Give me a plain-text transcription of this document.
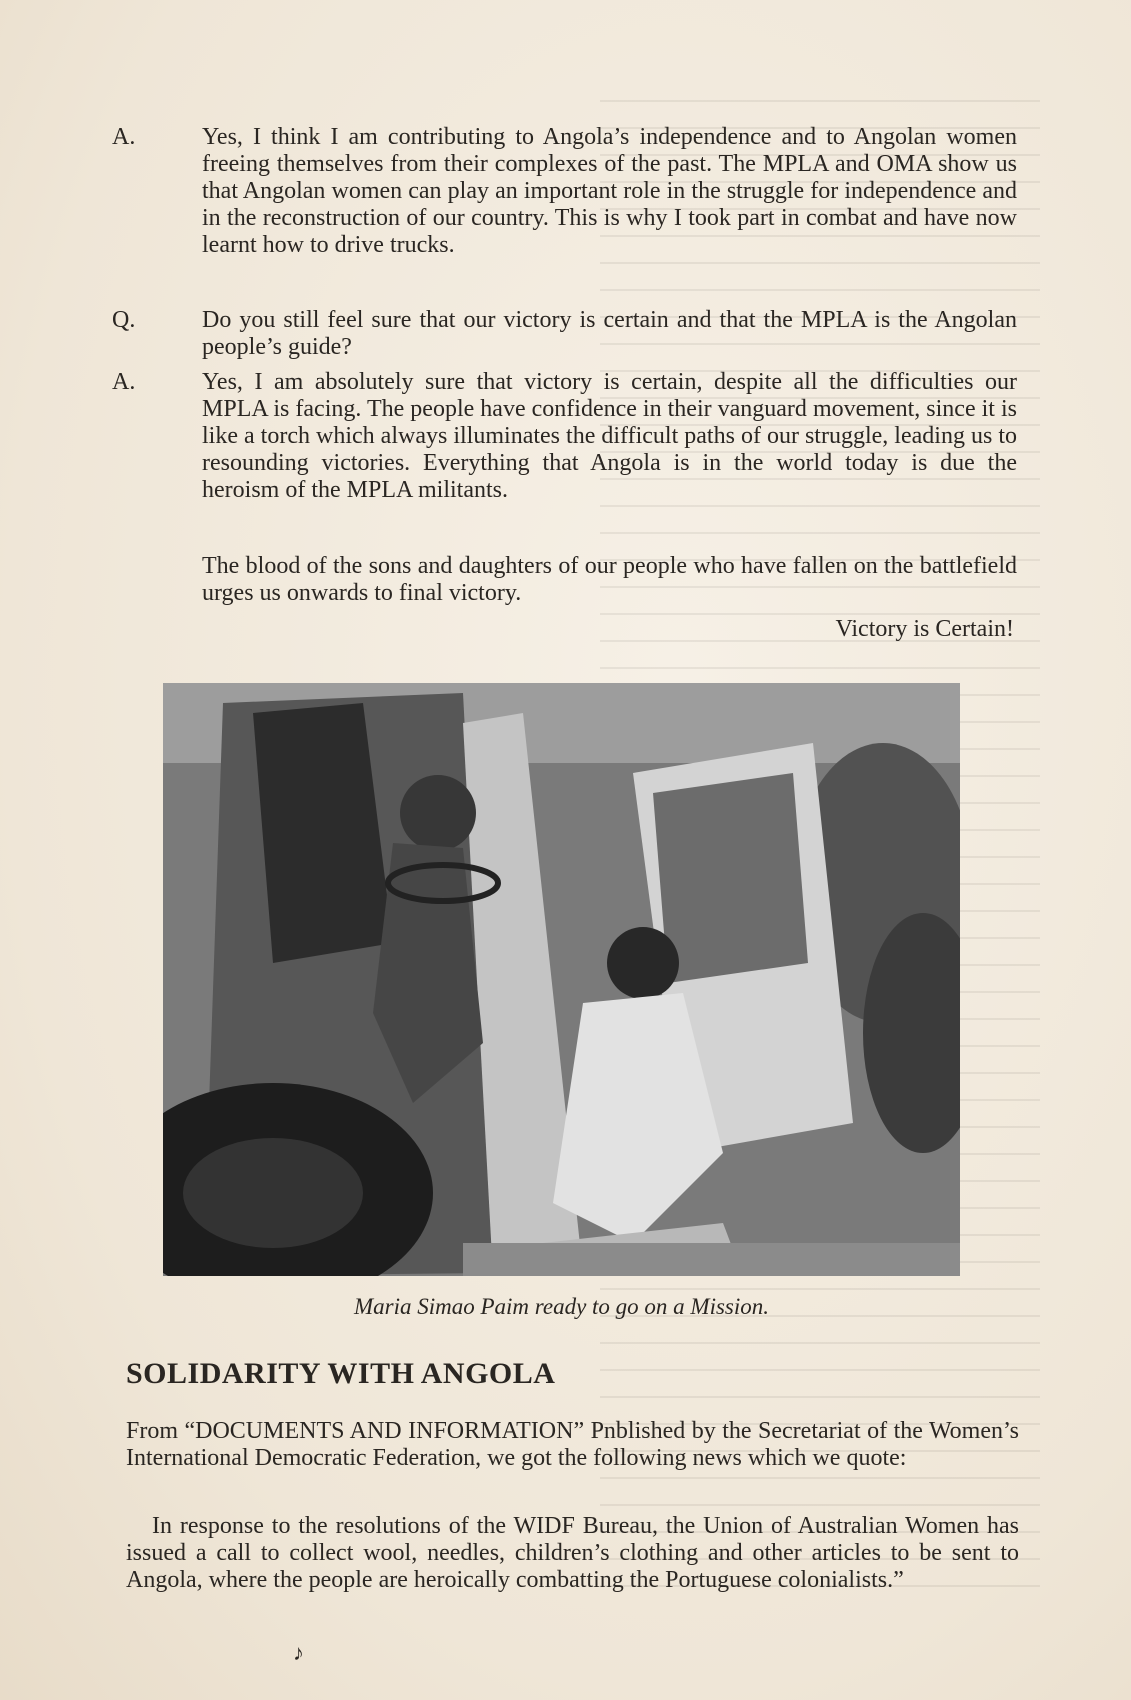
A.	Yes, I think I am contributing to Angola’s independence and to Angolan women freeing themselves from their complexes of the past. The MPLA and OMA show us that Angolan women can play an important role in the struggle for independence and in the reconstruction of our country. This is why I took part in combat and have now learnt how to drive trucks.
Q.	Do you still feel sure that our victory is certain and that the MPLA is the Angolan people’s guide?
A.	Yes, I am absolutely sure that victory is certain, despite all the difficulties our MPLA is facing. The people have confidence in their vanguard movement, since it is like a torch which always illuminates the difficult paths of our struggle, leading us to resounding victories. Everything that Angola is in the world today is due the heroism of the MPLA militants.
The blood of the sons and daughters of our people who have fallen on the battlefield urges us onwards to final victory.
Victory is Certain!
Maria Simao Paim ready to go on a Mission.
SOLIDARITY WITH ANGOLA
From “DOCUMENTS AND INFORMATION” Pnblished by the Secretariat of the Women’s International Democratic Federation, we got the following news which we quote:
In response to the resolutions of the WIDF Bureau, the Union of Australian Women has issued a call to collect wool, needles, children’s clothing and other articles to be sent to Angola, where the people are heroically combatting the Portuguese colonialists.”
♪
